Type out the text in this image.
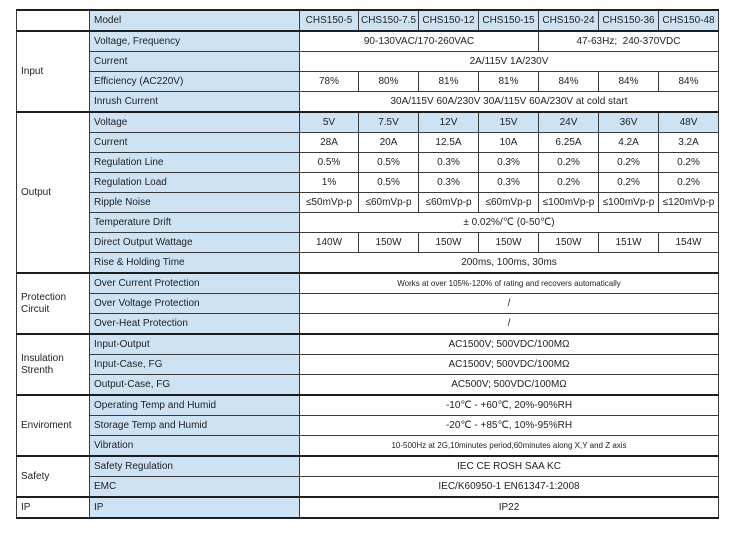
	Model	CHS150-5	CHS150-7.5	CHS150-12	CHS150-15	CHS150-24	CHS150-36	CHS150-48
Input	Voltage, Frequency	90-130VAC/170-260VAC				47-63Hz; 240-370VDC		
	Current	2A/115V 1A/230V						
	Efficiency (AC220V)	78%	80%	81%	81%	84%	84%	84%
	Inrush Current	30A/115V 60A/230V 30A/115V 60A/230V at cold start						
Output	Voltage	5V	7.5V	12V	15V	24V	36V	48V
	Current	28A	20A	12.5A	10A	6.25A	4.2A	3.2A
	Regulation Line	0.5%	0.5%	0.3%	0.3%	0.2%	0.2%	0.2%
	Regulation Load	1%	0.5%	0.3%	0.3%	0.2%	0.2%	0.2%
	Ripple Noise	≤50mVp-p	≤60mVp-p	≤60mVp-p	≤60mVp-p	≤100mVp-p	≤100mVp-p	≤120mVp-p
	Temperature Drift	± 0.02%/℃ (0-50℃)						
	Direct Output Wattage	140W	150W	150W	150W	150W	151W	154W
	Rise & Holding Time	200ms, 100ms, 30ms						
Protection Circuit	Over Current Protection	Works at over 105%-120% of rating and recovers automatically						
	Over Voltage Protection	/						
	Over-Heat Protection	/						
Insulation Strenth	Input-Output	AC1500V; 500VDC/100MΩ						
	Input-Case, FG	AC1500V; 500VDC/100MΩ						
	Output-Case, FG	AC500V; 500VDC/100MΩ						
Enviroment	Operating Temp and Humid	-10℃ - +60℃, 20%-90%RH						
	Storage Temp and Humid	-20℃ - +85℃, 10%-95%RH						
	Vibration	10-500Hz at 2G,10minutes period,60minutes along X,Y and Z axis						
Safety	Safety Regulation	IEC CE ROSH SAA KC						
	EMC	IEC/K60950-1 EN61347-1:2008						
IP	IP	IP22						
